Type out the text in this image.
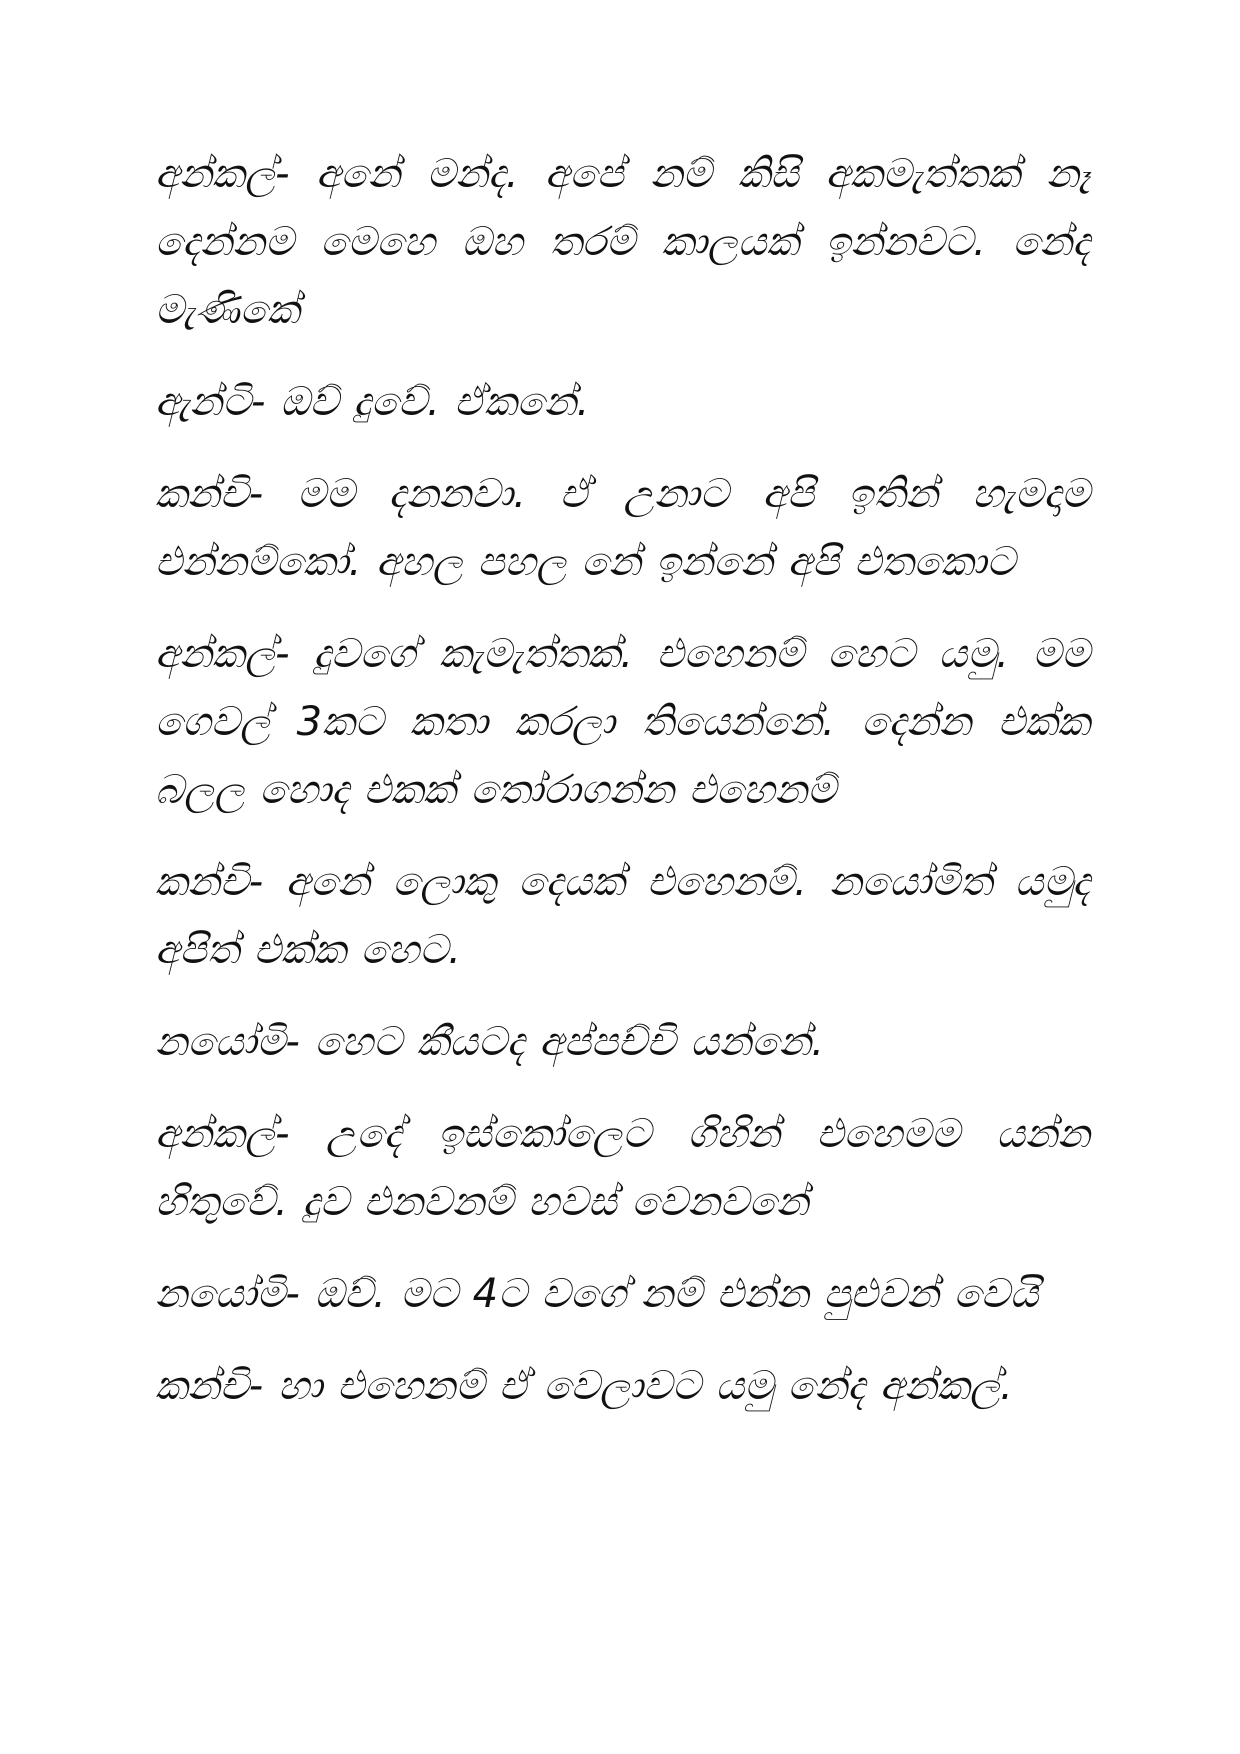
අන්කල්- අනේ මන්ද. අපේ නම් කිසි අකමැත්තක් නෑ දෙන්නම මෙහෙ ඔහ තරම් කාලයක් ඉන්නවට. නේද මැණිකේ

ඇන්ටි- ඔව් දුවේ. ඒකනේ.

කන්චි- මම දනනවා. ඒ උනාට අපි ඉතින් හැමදාම එන්නම්කෝ. අහල පහල නේ ඉන්නේ අපි එතකොට

අන්කල්- දුවගේ කැමැත්තක්. එහෙනම් හෙට යමු. මම ගෙවල් 3කට කතා කරලා තියෙන්නේ. දෙන්න එක්ක බලල හොද එකක් තෝරාගන්න එහෙනම්

කන්චි- අනේ ලොකු දෙයක් එහෙනම්. නයෝමිත් යමුද අපිත් එක්ක හෙට.

නයෝමි- හෙට කීයටද අප්පච්චි යන්නේ.

අන්කල්- උදේ ඉස්කෝලෙට ගිහින් එහෙමම යන්න හිතුවේ. දුව එනවනම් හවස් වෙනවනේ

නයෝමි- ඔව්. මට 4ට වගේ නම් එන්න පුළුවන් වෙයි

කන්චි- හා එහෙනම් ඒ වෙලාවට යමු නේද අන්කල්.
